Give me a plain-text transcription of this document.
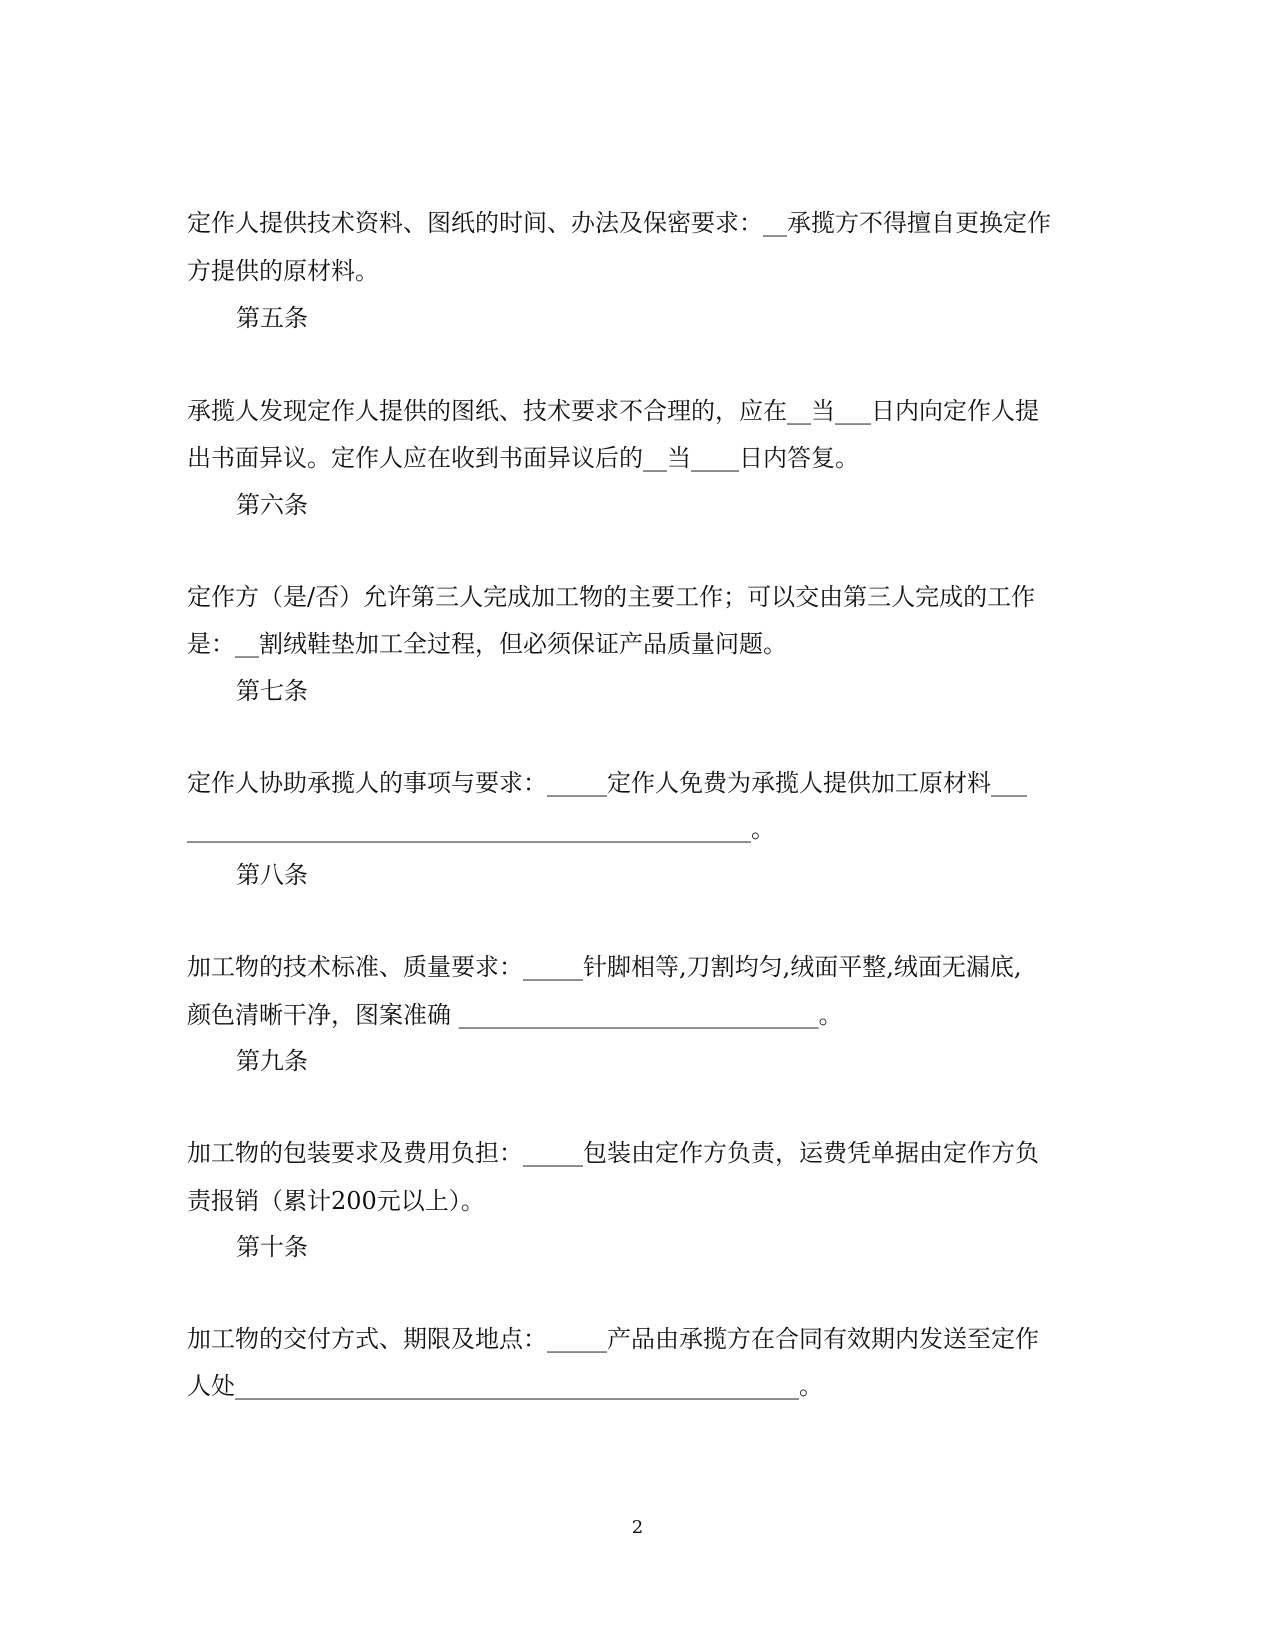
定作人提供技术资料、图纸的时间、办法及保密要求：__承揽方不得擅自更换定作

方提供的原材料。

第五条

承揽人发现定作人提供的图纸、技术要求不合理的，应在__当___日内向定作人提

出书面异议。定作人应在收到书面异议后的__当____日内答复。

第六条

定作方（是/否）允许第三人完成加工物的主要工作；可以交由第三人完成的工作

是：__割绒鞋垫加工全过程，但必须保证产品质量问题。

第七条

定作人协助承揽人的事项与要求：_____定作人免费为承揽人提供加工原材料___

_______________________________________________。

第八条

加工物的技术标准、质量要求：_____针脚相等,刀割均匀,绒面平整,绒面无漏底,

颜色清晰干净，图案准确 ______________________________。

第九条

加工物的包装要求及费用负担：_____包装由定作方负责，运费凭单据由定作方负

责报销（累计200元以上）。

第十条

加工物的交付方式、期限及地点：_____产品由承揽方在合同有效期内发送至定作

人处_______________________________________________。

2
